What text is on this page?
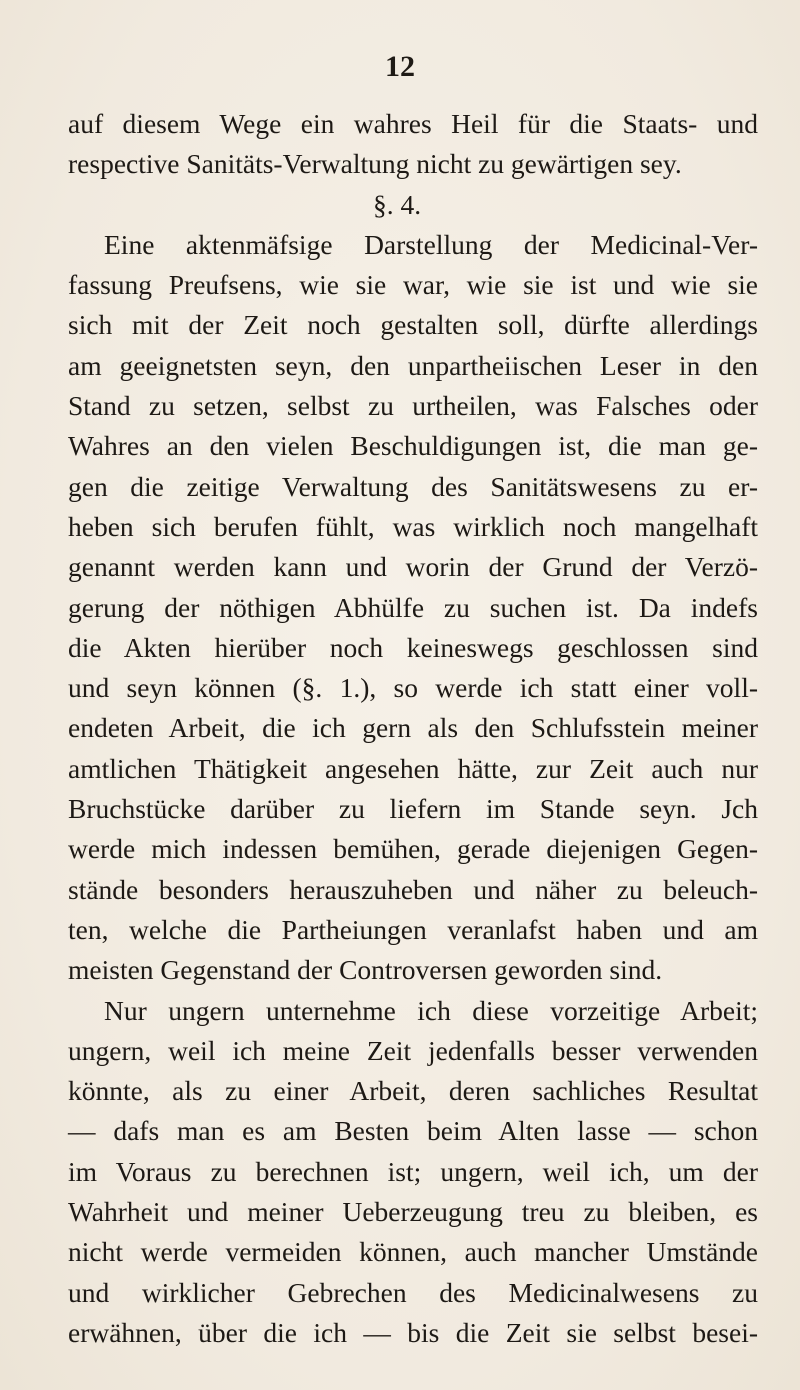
12
auf diesem Wege ein wahres Heil für die Staats- und
respective Sanitäts-Verwaltung nicht zu gewärtigen sey.
§. 4.
Eine aktenmäfsige Darstellung der Medicinal-Ver-
fassung Preufsens, wie sie war, wie sie ist und wie sie
sich mit der Zeit noch gestalten soll, dürfte allerdings
am geeignetsten seyn, den unpartheiischen Leser in den
Stand zu setzen, selbst zu urtheilen, was Falsches oder
Wahres an den vielen Beschuldigungen ist, die man ge-
gen die zeitige Verwaltung des Sanitätswesens zu er-
heben sich berufen fühlt, was wirklich noch mangelhaft
genannt werden kann und worin der Grund der Verzö-
gerung der nöthigen Abhülfe zu suchen ist. Da indefs
die Akten hierüber noch keineswegs geschlossen sind
und seyn können (§. 1.), so werde ich statt einer voll-
endeten Arbeit, die ich gern als den Schlufsstein meiner
amtlichen Thätigkeit angesehen hätte, zur Zeit auch nur
Bruchstücke darüber zu liefern im Stande seyn. Jch
werde mich indessen bemühen, gerade diejenigen Gegen-
stände besonders herauszuheben und näher zu beleuch-
ten, welche die Partheiungen veranlafst haben und am
meisten Gegenstand der Controversen geworden sind.
Nur ungern unternehme ich diese vorzeitige Arbeit;
ungern, weil ich meine Zeit jedenfalls besser verwenden
könnte, als zu einer Arbeit, deren sachliches Resultat
— dafs man es am Besten beim Alten lasse — schon
im Voraus zu berechnen ist; ungern, weil ich, um der
Wahrheit und meiner Ueberzeugung treu zu bleiben, es
nicht werde vermeiden können, auch mancher Umstände
und wirklicher Gebrechen des Medicinalwesens zu
erwähnen, über die ich — bis die Zeit sie selbst besei-
